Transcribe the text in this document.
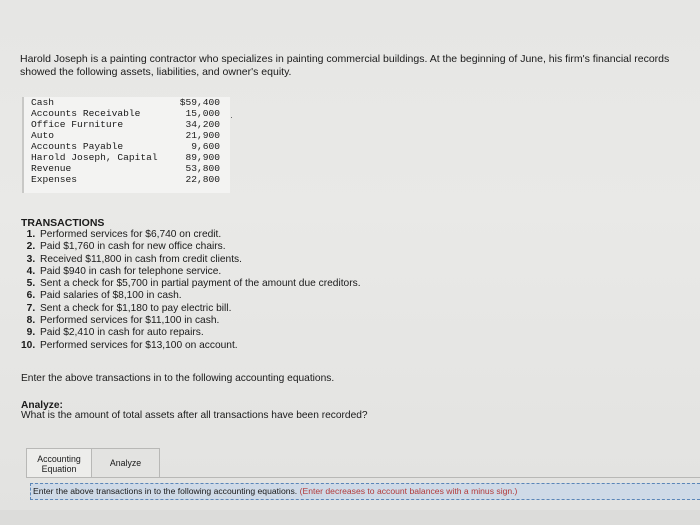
Harold Joseph is a painting contractor who specializes in painting commercial buildings. At the beginning of June, his firm's financial records showed the following assets, liabilities, and owner's equity.
Cash	$59,400
Accounts Receivable	15,000
Office Furniture	34,200
Auto	21,900
Accounts Payable	9,600
Harold Joseph, Capital	89,900
Revenue	53,800
Expenses	22,800
·
TRANSACTIONS
1. Performed services for $6,740 on credit.
2. Paid $1,760 in cash for new office chairs.
3. Received $11,800 in cash from credit clients.
4. Paid $940 in cash for telephone service.
5. Sent a check for $5,700 in partial payment of the amount due creditors.
6. Paid salaries of $8,100 in cash.
7. Sent a check for $1,180 to pay electric bill.
8. Performed services for $11,100 in cash.
9. Paid $2,410 in cash for auto repairs.
10. Performed services for $13,100 on account.
Enter the above transactions in to the following accounting equations.
Analyze:
What is the amount of total assets after all transactions have been recorded?
Accounting
Equation
Analyze
Enter the above transactions in to the following accounting equations. (Enter decreases to account balances with a minus sign.)
